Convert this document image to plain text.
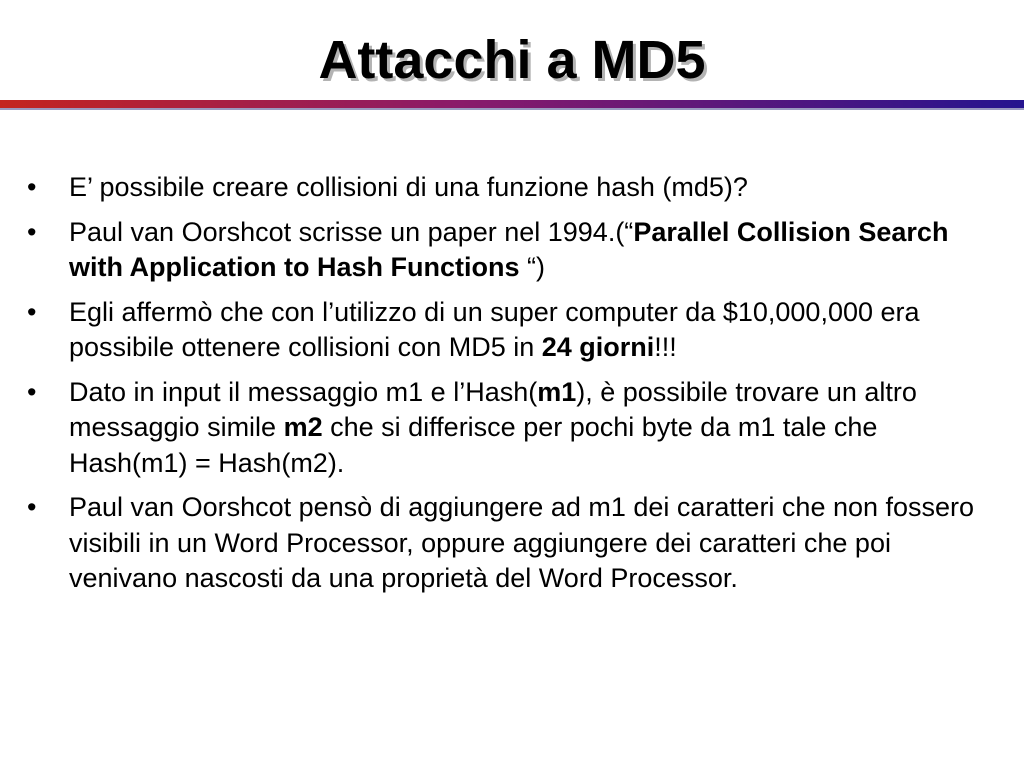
Attacchi a MD5
•	E’ possibile creare collisioni di una funzione hash (md5)?
•	Paul van Oorshcot scrisse un paper nel 1994.(“Parallel Collision Search with Application to Hash Functions “)
•	Egli affermò che con l’utilizzo di un super computer da $10,000,000 era possibile ottenere collisioni con MD5 in 24 giorni!!!
•	Dato in input il messaggio m1 e l’Hash(m1), è possibile trovare un altro messaggio simile m2 che si differisce per pochi byte da m1 tale che Hash(m1) = Hash(m2).
•	Paul van Oorshcot pensò di aggiungere ad m1 dei caratteri che non fossero visibili in un Word Processor, oppure aggiungere dei caratteri che poi venivano nascosti da una proprietà del Word Processor.
